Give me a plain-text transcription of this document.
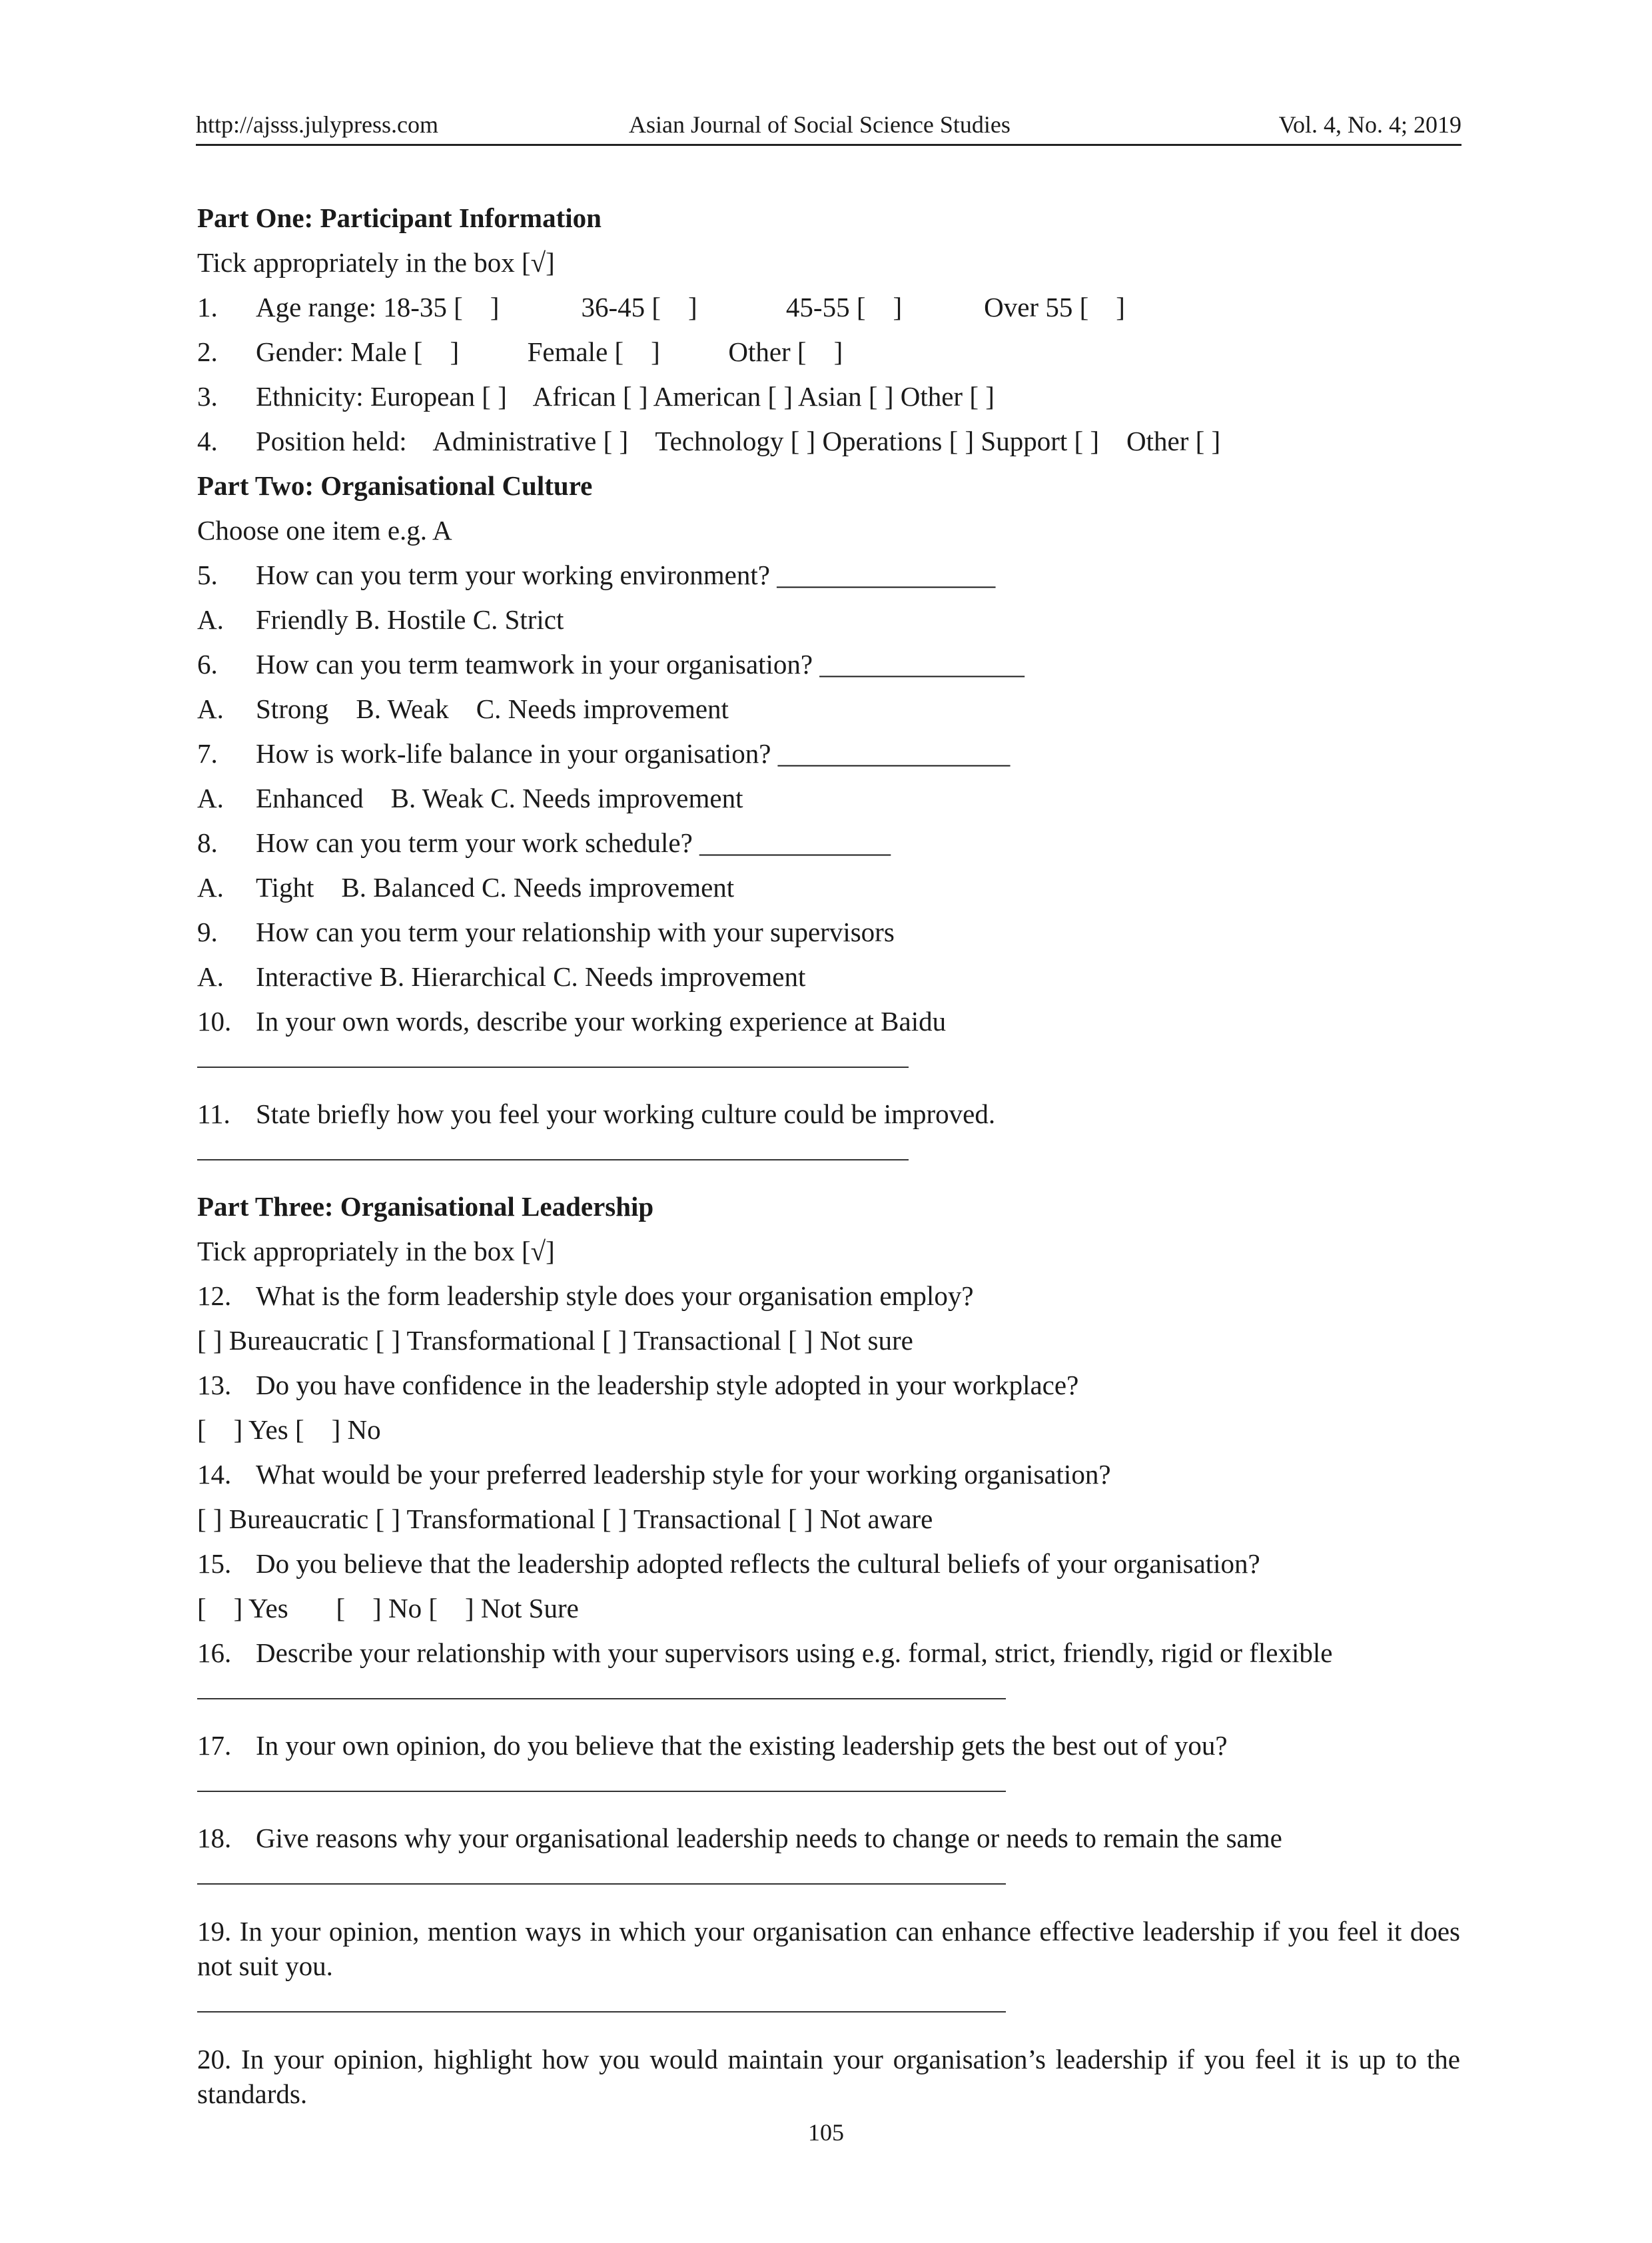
http://ajsss.julypress.com	Asian Journal of Social Science Studies	Vol. 4, No. 4; 2019
Part One: Participant Information
Tick appropriately in the box [√]
1. Age range: 18-35 [    ]            36-45 [    ]             45-55 [    ]            Over 55 [    ]
2. Gender: Male [    ]          Female [    ]          Other [    ]
3. Ethnicity: European [ ]    African [ ] American [ ] Asian [ ] Other [ ]
4. Position held:    Administrative [ ]    Technology [ ] Operations [ ] Support [ ]    Other [ ]
Part Two: Organisational Culture
Choose one item e.g. A
5. How can you term your working environment? ________________
A. Friendly B. Hostile C. Strict
6. How can you term teamwork in your organisation? _______________
A. Strong    B. Weak    C. Needs improvement
7. How is work-life balance in your organisation? _________________
A. Enhanced    B. Weak C. Needs improvement
8. How can you term your work schedule? ______________
A. Tight    B. Balanced C. Needs improvement
9. How can you term your relationship with your supervisors
A. Interactive B. Hierarchical C. Needs improvement
10. In your own words, describe your working experience at Baidu
11. State briefly how you feel your working culture could be improved.
Part Three: Organisational Leadership
Tick appropriately in the box [√]
12. What is the form leadership style does your organisation employ?
[ ] Bureaucratic [ ] Transformational [ ] Transactional [ ] Not sure
13. Do you have confidence in the leadership style adopted in your workplace?
[    ] Yes [    ] No
14. What would be your preferred leadership style for your working organisation?
[ ] Bureaucratic [ ] Transformational [ ] Transactional [ ] Not aware
15. Do you believe that the leadership adopted reflects the cultural beliefs of your organisation?
[    ] Yes       [    ] No [    ] Not Sure
16. Describe your relationship with your supervisors using e.g. formal, strict, friendly, rigid or flexible
17. In your own opinion, do you believe that the existing leadership gets the best out of you?
18. Give reasons why your organisational leadership needs to change or needs to remain the same
19. In your opinion, mention ways in which your organisation can enhance effective leadership if you feel it does not suit you.
20. In your opinion, highlight how you would maintain your organisation’s leadership if you feel it is up to the standards.
105
